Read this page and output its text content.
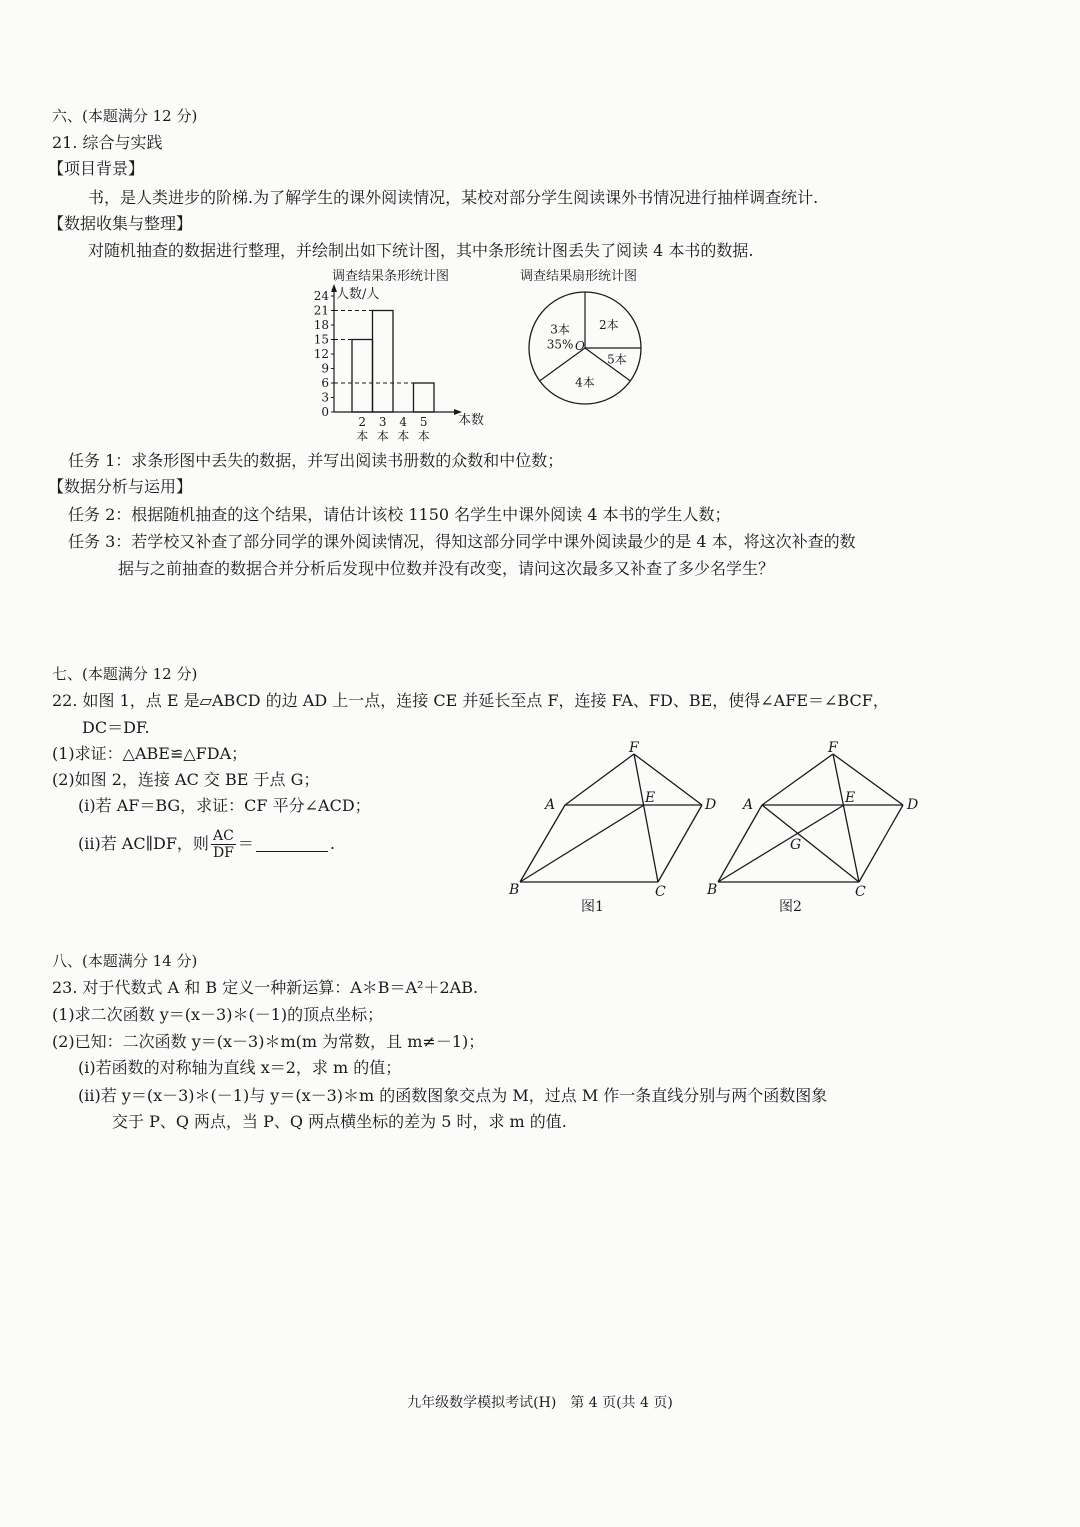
六、(本题满分 12 分)
21. 综合与实践
【项目背景】
书，是人类进步的阶梯.为了解学生的课外阅读情况，某校对部分学生阅读课外书情况进行抽样调查统计.
【数据收集与整理】
对随机抽查的数据进行整理，并绘制出如下统计图，其中条形统计图丢失了阅读 4 本书的数据.
调查结果条形统计图
人数/人
本数
0
3
6
9
12
15
18
21
24
2
本
3
本
4
本
5
本
调查结果扇形统计图
2本
5本
4本
3本
35% O
任务 1：求条形图中丢失的数据，并写出阅读书册数的众数和中位数；
【数据分析与运用】
任务 2：根据随机抽查的这个结果，请估计该校 1150 名学生中课外阅读 4 本书的学生人数；
任务 3：若学校又补查了部分同学的课外阅读情况，得知这部分同学中课外阅读最少的是 4 本，将这次补查的数
据与之前抽查的数据合并分析后发现中位数并没有改变，请问这次最多又补查了多少名学生？
七、(本题满分 12 分)
22. 如图 1，点 E 是▱ABCD 的边 AD 上一点，连接 CE 并延长至点 F，连接 FA、FD、BE，使得∠AFE＝∠BCF，
DC＝DF.
(1)求证：△ABE≌△FDA；
(2)如图 2，连接 AC 交 BE 于点 G；
(ⅰ)若 AF＝BG，求证：CF 平分∠ACD；
(ⅱ)若 AC∥DF，则 $\frac{AC}{DF}$ ＝	.
F
A	E	D
B	C
图1
F
A	E	D
G
B	C
图2
八、(本题满分 14 分)
23. 对于代数式 A 和 B 定义一种新运算：A＊B＝A²＋2AB.
(1)求二次函数 y＝(x－3)＊(－1)的顶点坐标；
(2)已知：二次函数 y＝(x－3)＊m(m 为常数，且 m≠－1)；
(ⅰ)若函数的对称轴为直线 x＝2，求 m 的值；
(ⅱ)若 y＝(x－3)＊(－1)与 y＝(x－3)＊m 的函数图象交点为 M，过点 M 作一条直线分别与两个函数图象
交于 P、Q 两点，当 P、Q 两点横坐标的差为 5 时，求 m 的值.
九年级数学模拟考试(H)　第 4 页(共 4 页)
